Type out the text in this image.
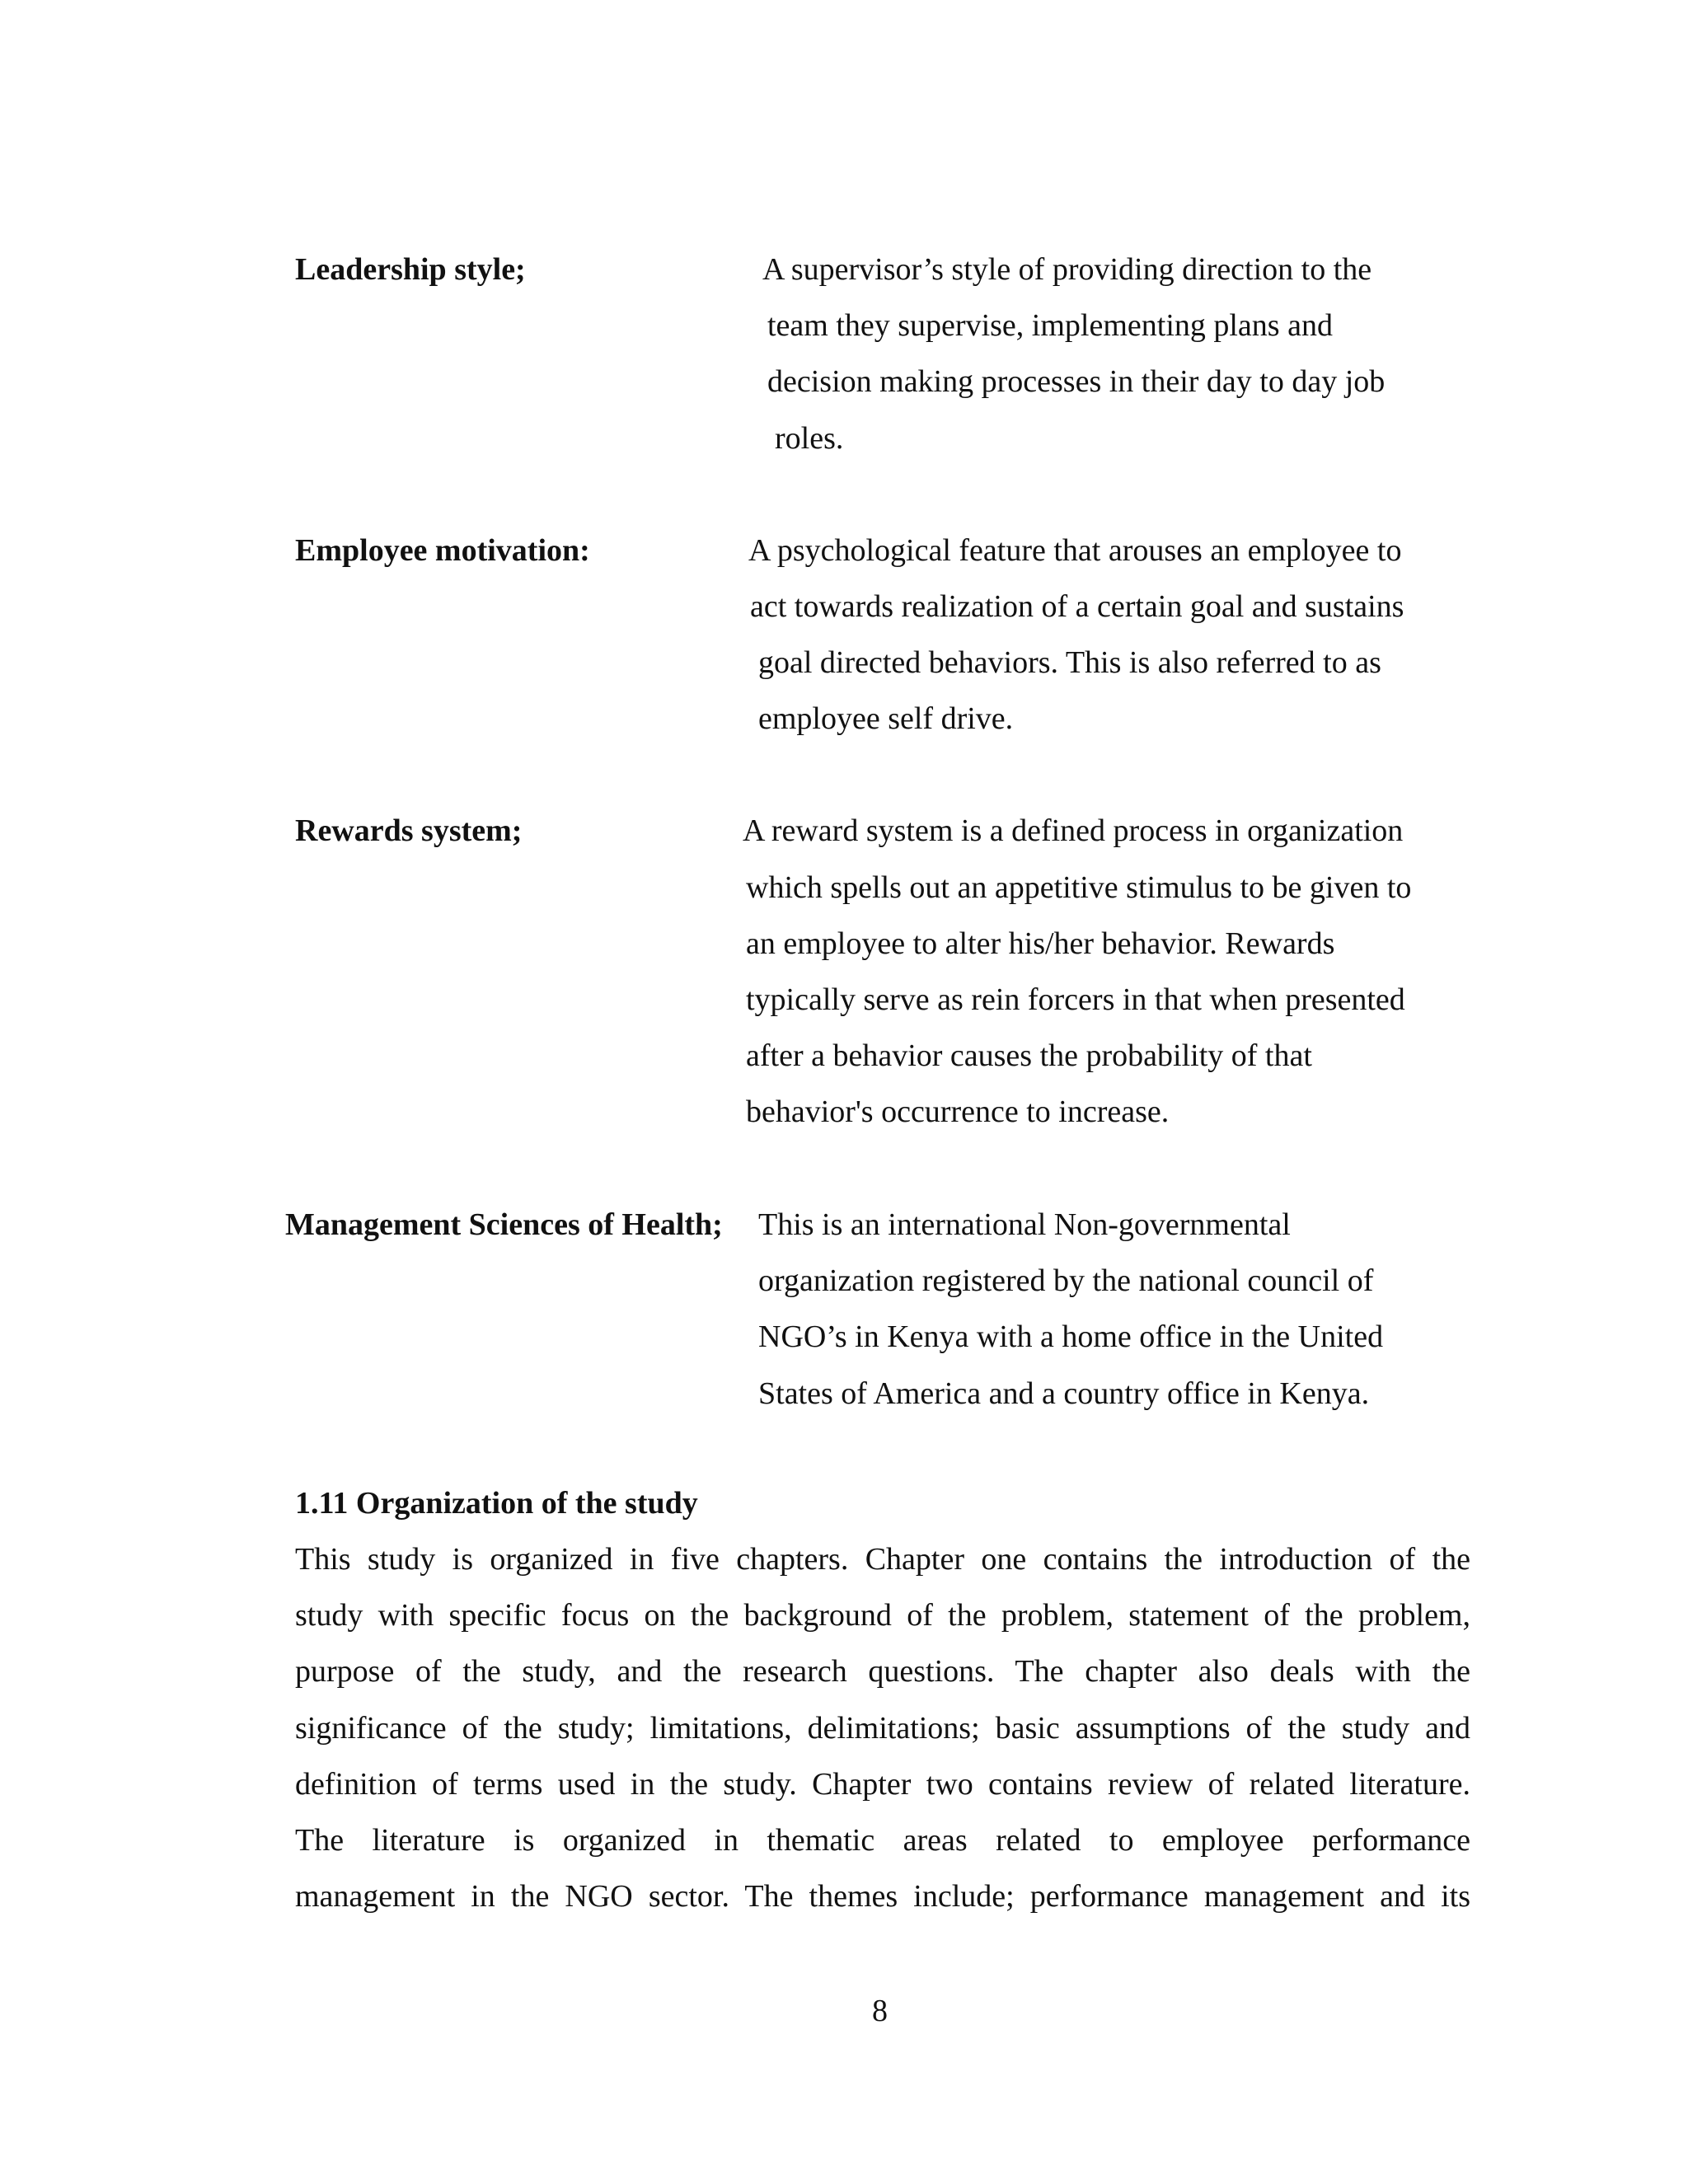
Leadership style;	A supervisor’s style of providing direction to the
team they supervise, implementing plans and
decision making processes in their day to day job
roles.
Employee motivation:	A psychological feature that arouses an employee to
act towards realization of a certain goal and sustains
goal directed behaviors. This is also referred to as
employee self drive.
Rewards system;	A reward system is a defined process in organization
which spells out an appetitive stimulus to be given to
an employee to alter his/her behavior. Rewards
typically serve as rein forcers in that when presented
after a behavior causes the probability of that
behavior's occurrence to increase.
Management Sciences of Health; This is an international Non-governmental
organization registered by the national council of
NGO’s in Kenya with a home office in the United
States of America and a country office in Kenya.
1.11 Organization of the study
This study is organized in five chapters. Chapter one contains the introduction of the
study with specific focus on the background of the problem, statement of the problem,
purpose of the study, and the research questions. The chapter also deals with the
significance of the study; limitations, delimitations; basic assumptions of the study and
definition of terms used in the study. Chapter two contains review of related literature.
The literature is organized in thematic areas related to employee performance
management in the NGO sector. The themes include; performance management and its
8
